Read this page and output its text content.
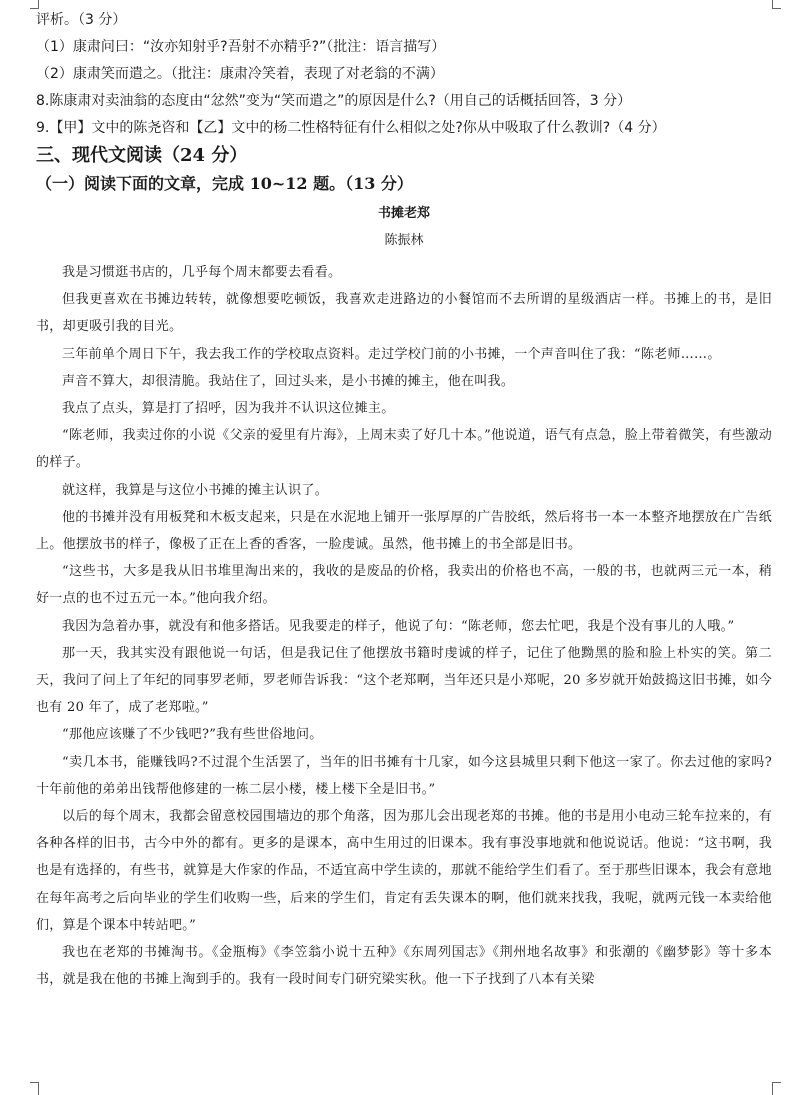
评析。（3 分）
（1）康肃问曰：“汝亦知射乎?吾射不亦精乎?”（批注：语言描写）
（2）康肃笑而遣之。（批注：康肃冷笑着，表现了对老翁的不满）
8.陈康肃对卖油翁的态度由“忿然”变为“笑而遣之”的原因是什么?（用自己的话概括回答，3 分）
9.【甲】文中的陈尧咨和【乙】文中的杨二性格特征有什么相似之处?你从中吸取了什么教训?（4 分）
三、现代文阅读（24 分）
（一）阅读下面的文章，完成 10~12 题。（13 分）
书摊老郑
陈振林

我是习惯逛书店的，几乎每个周末都要去看看。

但我更喜欢在书摊边转转，就像想要吃顿饭，我喜欢走进路边的小餐馆而不去所谓的星级酒店一样。书摊上的书，是旧书，却更吸引我的目光。

三年前单个周日下午，我去我工作的学校取点资料。走过学校门前的小书摊，一个声音叫住了我：“陈老师……。

声音不算大，却很清脆。我站住了，回过头来，是小书摊的摊主，他在叫我。

我点了点头，算是打了招呼，因为我并不认识这位摊主。

“陈老师，我卖过你的小说《父亲的爱里有片海》，上周末卖了好几十本。”他说道，语气有点急，脸上带着微笑，有些激动的样子。

就这样，我算是与这位小书摊的摊主认识了。

他的书摊并没有用板凳和木板支起来，只是在水泥地上铺开一张厚厚的广告胶纸，然后将书一本一本整齐地摆放在广告纸上。他摆放书的样子，像极了正在上香的香客，一脸虔诚。虽然，他书摊上的书全部是旧书。

“这些书，大多是我从旧书堆里淘出来的，我收的是废品的价格，我卖出的价格也不高，一般的书，也就两三元一本，稍好一点的也不过五元一本。”他向我介绍。

我因为急着办事，就没有和他多搭话。见我要走的样子，他说了句：“陈老师，您去忙吧，我是个没有事儿的人哦。”

那一天，我其实没有跟他说一句话，但是我记住了他摆放书籍时虔诚的样子，记住了他黝黑的脸和脸上朴实的笑。第二天，我问了问上了年纪的同事罗老师，罗老师告诉我：“这个老郑啊，当年还只是小郑呢，20 多岁就开始鼓捣这旧书摊，如今也有 20 年了，成了老郑啦。”

“那他应该赚了不少钱吧?”我有些世俗地问。

“卖几本书，能赚钱吗?不过混个生活罢了，当年的旧书摊有十几家，如今这县城里只剩下他这一家了。你去过他的家吗?十年前他的弟弟出钱帮他修建的一栋二层小楼，楼上楼下全是旧书。”

以后的每个周末，我都会留意校园围墙边的那个角落，因为那儿会出现老郑的书摊。他的书是用小电动三轮车拉来的，有各种各样的旧书，古今中外的都有。更多的是课本，高中生用过的旧课本。我有事没事地就和他说说话。他说：“这书啊，我也是有选择的，有些书，就算是大作家的作品，不适宜高中学生读的，那就不能给学生们看了。至于那些旧课本，我会有意地在每年高考之后向毕业的学生们收购一些，后来的学生们，肯定有丢失课本的啊，他们就来找我，我呢，就两元钱一本卖给他们，算是个课本中转站吧。”

我也在老郑的书摊淘书。《金瓶梅》《李笠翁小说十五种》《东周列国志》《荆州地名故事》和张潮的《幽梦影》等十多本书，就是我在他的书摊上淘到手的。我有一段时间专门研究梁实秋。他一下子找到了八本有关梁
